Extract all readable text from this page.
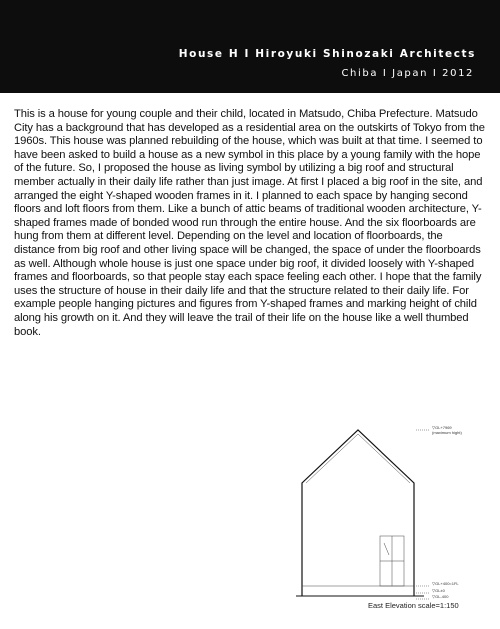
House H I Hiroyuki Shinozaki Architects
Chiba I Japan I 2012

This is a house for young couple and their child, located in Matsudo, Chiba Prefecture. Matsudo City has a background that has developed as a residential area on the outskirts of Tokyo from the 1960s. This house was planned rebuilding of the house, which was built at that time. I seemed to have been asked to build a house as a new symbol in this place by a young family with the hope of the future. So, I proposed the house as living symbol by utilizing a big roof and structural member actually in their daily life rather than just image. At first I placed a big roof in the site, and arranged the eight Y-shaped wooden frames in it. I planned to each space by hanging second floors and loft floors from them. Like a bunch of attic beams of traditional wooden architecture, Y-shaped frames made of bonded wood run through the entire house. And the six floorboards are hung from them at different level. Depending on the level and location of floorboards, the distance from big roof and other living space will be changed, the space of under the floorboards as well. Although whole house is just one space under big roof, it divided loosely with Y-shaped frames and floorboards, so that people stay each space feeling each other. I hope that the family uses the structure of house in their daily life and that the structure related to their daily life. For example people hanging pictures and figures from Y-shaped frames and marking height of child along his growth on it. And they will leave the trail of their life on the house like a well thumbed book.

▽GL+7969
(maximum hight)
▽GL+400=1FL
▽GL±0
▽GL-400
East Elevation scale=1:150
